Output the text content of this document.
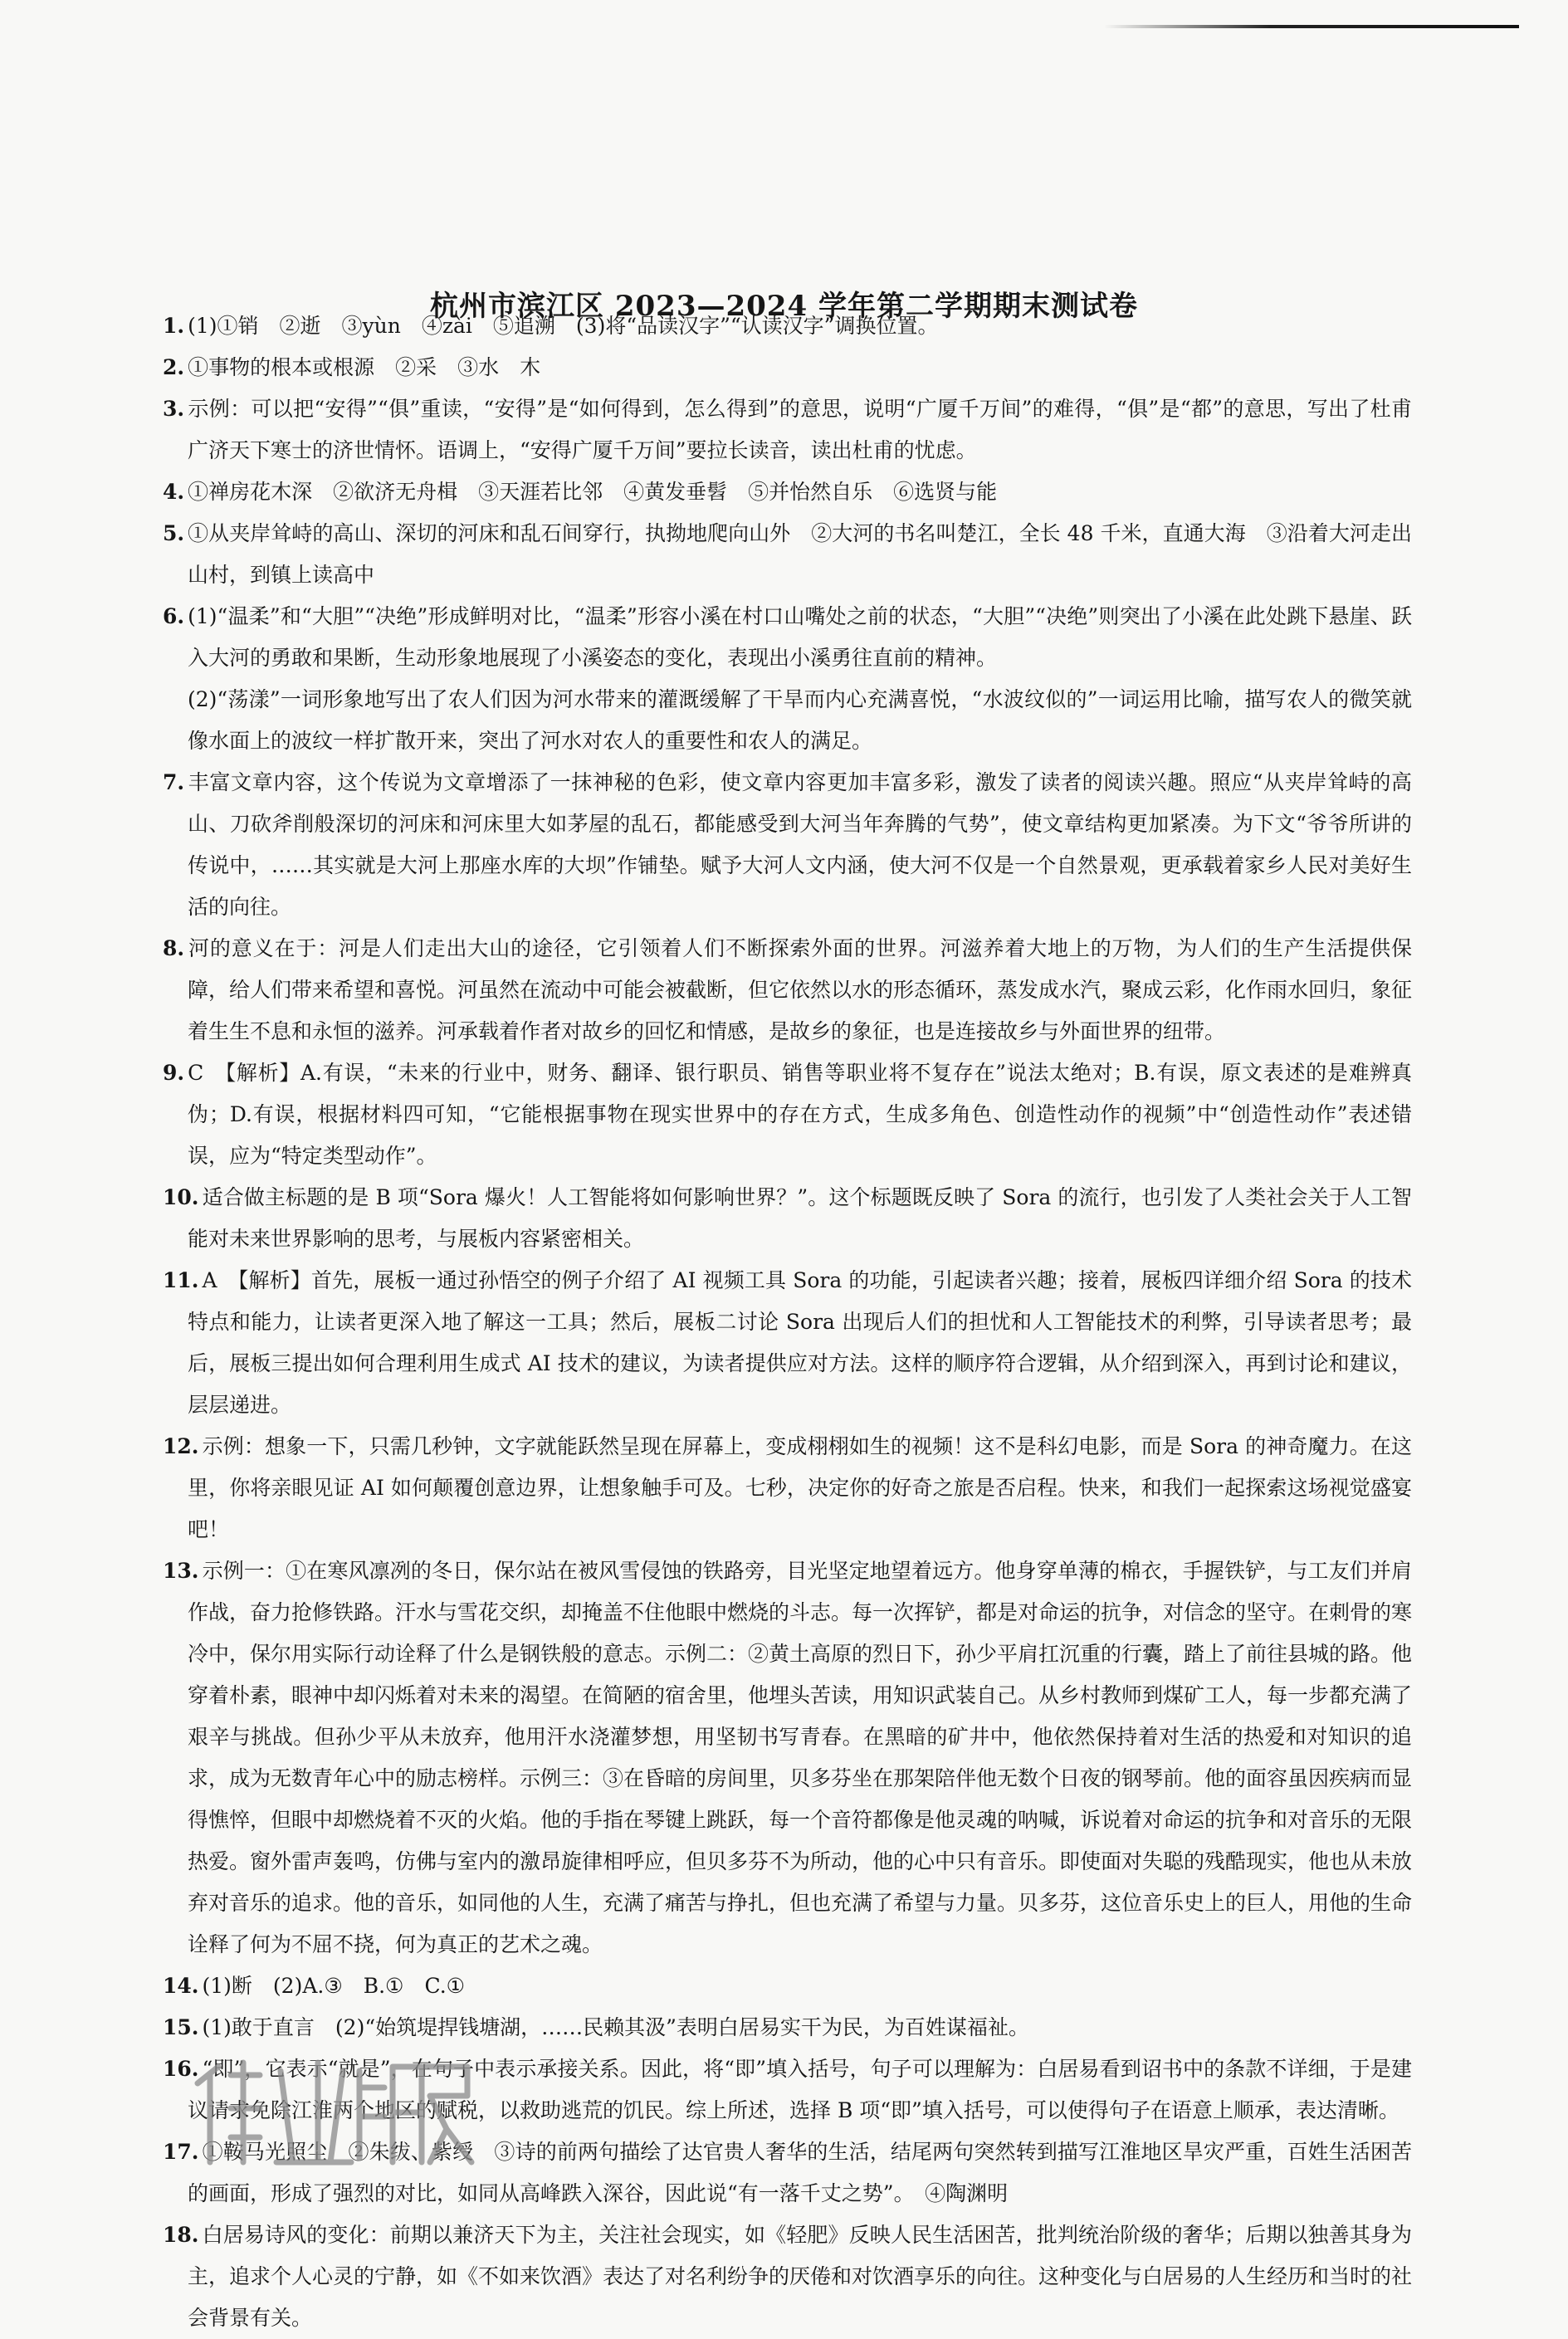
杭州市滨江区 2023—2024 学年第二学期期末测试卷

1. (1)①销　②逝　③yùn　④zài　⑤追溯　(3)将“品读汉字”“认读汉字”调换位置。

2. ①事物的根本或根源　②采　③水　木

3. 示例：可以把“安得”“俱”重读，“安得”是“如何得到，怎么得到”的意思，说明“广厦千万间”的难得，“俱”是“都”的意思，写出了杜甫广济天下寒士的济世情怀。语调上，“安得广厦千万间”要拉长读音，读出杜甫的忧虑。

4. ①禅房花木深　②欲济无舟楫　③天涯若比邻　④黄发垂髫　⑤并怡然自乐　⑥选贤与能

5. ①从夹岸耸峙的高山、深切的河床和乱石间穿行，执拗地爬向山外　②大河的书名叫楚江，全长 48 千米，直通大海　③沿着大河走出山村，到镇上读高中

6. (1)“温柔”和“大胆”“决绝”形成鲜明对比，“温柔”形容小溪在村口山嘴处之前的状态，“大胆”“决绝”则突出了小溪在此处跳下悬崖、跃入大河的勇敢和果断，生动形象地展现了小溪姿态的变化，表现出小溪勇往直前的精神。

(2)“荡漾”一词形象地写出了农人们因为河水带来的灌溉缓解了干旱而内心充满喜悦，“水波纹似的”一词运用比喻，描写农人的微笑就像水面上的波纹一样扩散开来，突出了河水对农人的重要性和农人的满足。

7. 丰富文章内容，这个传说为文章增添了一抹神秘的色彩，使文章内容更加丰富多彩，激发了读者的阅读兴趣。照应“从夹岸耸峙的高山、刀砍斧削般深切的河床和河床里大如茅屋的乱石，都能感受到大河当年奔腾的气势”，使文章结构更加紧凑。为下文“爷爷所讲的传说中，……其实就是大河上那座水库的大坝”作铺垫。赋予大河人文内涵，使大河不仅是一个自然景观，更承载着家乡人民对美好生活的向往。

8. 河的意义在于：河是人们走出大山的途径，它引领着人们不断探索外面的世界。河滋养着大地上的万物，为人们的生产生活提供保障，给人们带来希望和喜悦。河虽然在流动中可能会被截断，但它依然以水的形态循环，蒸发成水汽，聚成云彩，化作雨水回归，象征着生生不息和永恒的滋养。河承载着作者对故乡的回忆和情感，是故乡的象征，也是连接故乡与外面世界的纽带。

9. C　【解析】A.有误，“未来的行业中，财务、翻译、银行职员、销售等职业将不复存在”说法太绝对；B.有误，原文表述的是难辨真伪；D.有误，根据材料四可知，“它能根据事物在现实世界中的存在方式，生成多角色、创造性动作的视频”中“创造性动作”表述错误，应为“特定类型动作”。

10. 适合做主标题的是 B 项“Sora 爆火！人工智能将如何影响世界？”。这个标题既反映了 Sora 的流行，也引发了人类社会关于人工智能对未来世界影响的思考，与展板内容紧密相关。

11. A　【解析】首先，展板一通过孙悟空的例子介绍了 AI 视频工具 Sora 的功能，引起读者兴趣；接着，展板四详细介绍 Sora 的技术特点和能力，让读者更深入地了解这一工具；然后，展板二讨论 Sora 出现后人们的担忧和人工智能技术的利弊，引导读者思考；最后，展板三提出如何合理利用生成式 AI 技术的建议，为读者提供应对方法。这样的顺序符合逻辑，从介绍到深入，再到讨论和建议，层层递进。

12. 示例：想象一下，只需几秒钟，文字就能跃然呈现在屏幕上，变成栩栩如生的视频！这不是科幻电影，而是 Sora 的神奇魔力。在这里，你将亲眼见证 AI 如何颠覆创意边界，让想象触手可及。七秒，决定你的好奇之旅是否启程。快来，和我们一起探索这场视觉盛宴吧！

13. 示例一：①在寒风凛冽的冬日，保尔站在被风雪侵蚀的铁路旁，目光坚定地望着远方。他身穿单薄的棉衣，手握铁铲，与工友们并肩作战，奋力抢修铁路。汗水与雪花交织，却掩盖不住他眼中燃烧的斗志。每一次挥铲，都是对命运的抗争，对信念的坚守。在刺骨的寒冷中，保尔用实际行动诠释了什么是钢铁般的意志。示例二：②黄土高原的烈日下，孙少平肩扛沉重的行囊，踏上了前往县城的路。他穿着朴素，眼神中却闪烁着对未来的渴望。在简陋的宿舍里，他埋头苦读，用知识武装自己。从乡村教师到煤矿工人，每一步都充满了艰辛与挑战。但孙少平从未放弃，他用汗水浇灌梦想，用坚韧书写青春。在黑暗的矿井中，他依然保持着对生活的热爱和对知识的追求，成为无数青年心中的励志榜样。示例三：③在昏暗的房间里，贝多芬坐在那架陪伴他无数个日夜的钢琴前。他的面容虽因疾病而显得憔悴，但眼中却燃烧着不灭的火焰。他的手指在琴键上跳跃，每一个音符都像是他灵魂的呐喊，诉说着对命运的抗争和对音乐的无限热爱。窗外雷声轰鸣，仿佛与室内的激昂旋律相呼应，但贝多芬不为所动，他的心中只有音乐。即使面对失聪的残酷现实，他也从未放弃对音乐的追求。他的音乐，如同他的人生，充满了痛苦与挣扎，但也充满了希望与力量。贝多芬，这位音乐史上的巨人，用他的生命诠释了何为不屈不挠，何为真正的艺术之魂。

14. (1)断　(2)A.③　B.①　C.①

15. (1)敢于直言　(2)“始筑堤捍钱塘湖，……民赖其汲”表明白居易实干为民，为百姓谋福祉。

16. “即”，它表示“就是”，在句子中表示承接关系。因此，将“即”填入括号，句子可以理解为：白居易看到诏书中的条款不详细，于是建议请求免除江淮两个地区的赋税，以救助逃荒的饥民。综上所述，选择 B 项“即”填入括号，可以使得句子在语意上顺承，表达清晰。

17. ①鞍马光照尘　②朱绂、紫绶　③诗的前两句描绘了达官贵人奢华的生活，结尾两句突然转到描写江淮地区旱灾严重，百姓生活困苦的画面，形成了强烈的对比，如同从高峰跌入深谷，因此说“有一落千丈之势”。　④陶渊明

18. 白居易诗风的变化：前期以兼济天下为主，关注社会现实，如《轻肥》反映人民生活困苦，批判统治阶级的奢华；后期以独善其身为主，追求个人心灵的宁静，如《不如来饮酒》表达了对名利纷争的厌倦和对饮酒享乐的向往。这种变化与白居易的人生经历和当时的社会背景有关。
